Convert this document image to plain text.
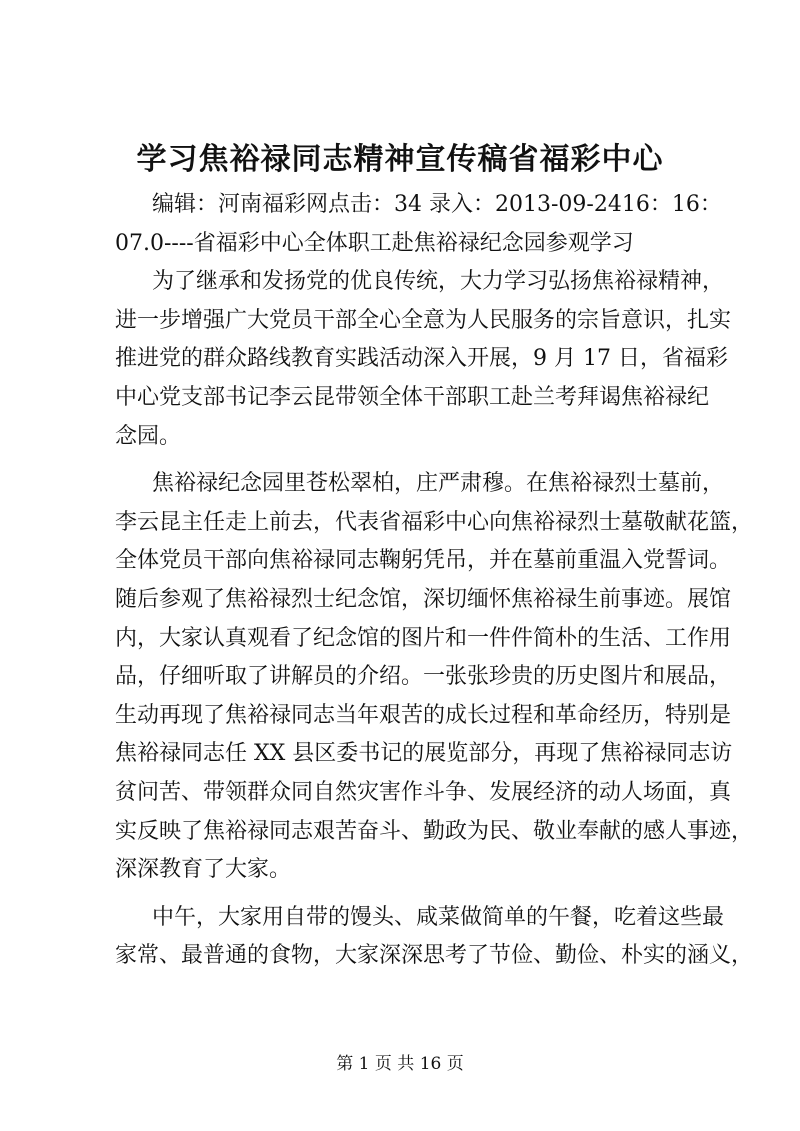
学习焦裕禄同志精神宣传稿省福彩中心
编辑：河南福彩网点击：34 录入：2013-09-2416：16：
07.0----省福彩中心全体职工赴焦裕禄纪念园参观学习
为了继承和发扬党的优良传统，大力学习弘扬焦裕禄精神，
进一步增强广大党员干部全心全意为人民服务的宗旨意识，扎实
推进党的群众路线教育实践活动深入开展，9 月 17 日，省福彩
中心党支部书记李云昆带领全体干部职工赴兰考拜谒焦裕禄纪
念园。
焦裕禄纪念园里苍松翠柏，庄严肃穆。在焦裕禄烈士墓前，
李云昆主任走上前去，代表省福彩中心向焦裕禄烈士墓敬献花篮，
全体党员干部向焦裕禄同志鞠躬凭吊，并在墓前重温入党誓词。
随后参观了焦裕禄烈士纪念馆，深切缅怀焦裕禄生前事迹。展馆
内，大家认真观看了纪念馆的图片和一件件简朴的生活、工作用
品，仔细听取了讲解员的介绍。一张张珍贵的历史图片和展品，
生动再现了焦裕禄同志当年艰苦的成长过程和革命经历，特别是
焦裕禄同志任 XX 县区委书记的展览部分，再现了焦裕禄同志访
贫问苦、带领群众同自然灾害作斗争、发展经济的动人场面，真
实反映了焦裕禄同志艰苦奋斗、勤政为民、敬业奉献的感人事迹，
深深教育了大家。
中午，大家用自带的馒头、咸菜做简单的午餐，吃着这些最
家常、最普通的食物，大家深深思考了节俭、勤俭、朴实的涵义，
第 1 页 共 16 页
